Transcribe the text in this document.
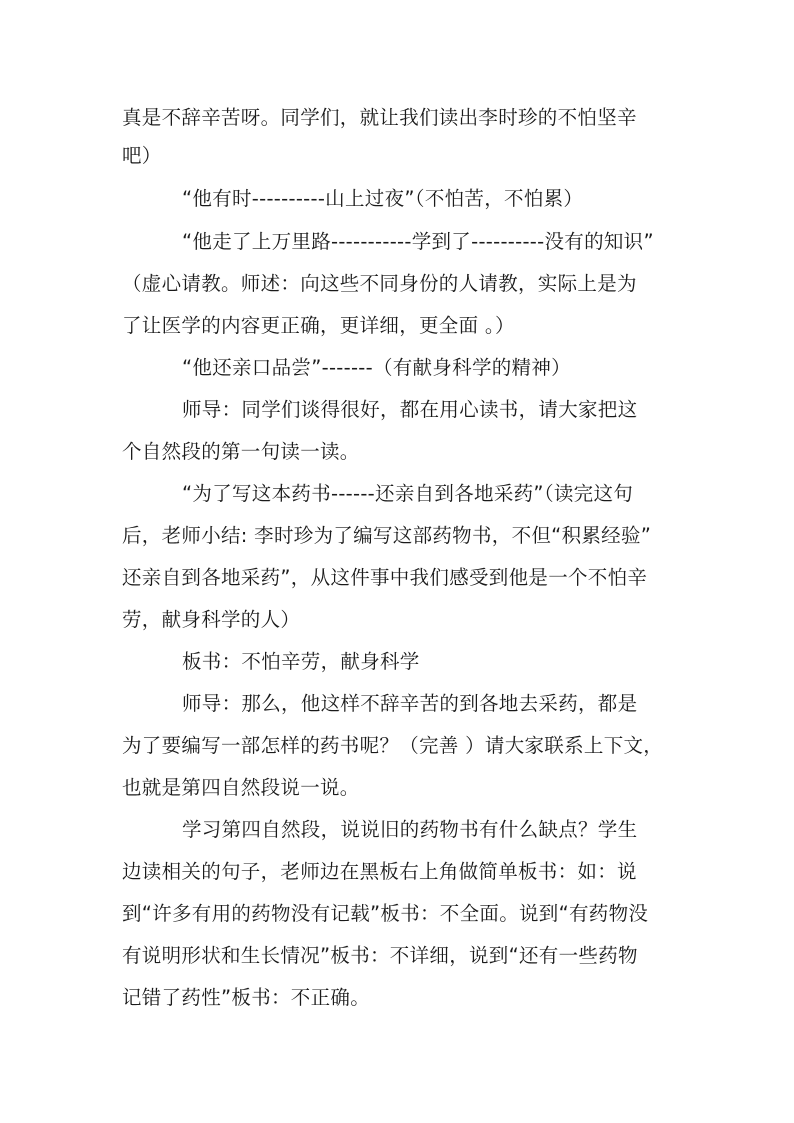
真是不辞辛苦呀。同学们，就让我们读出李时珍的不怕坚辛
吧）
“他有时----------山上过夜”（不怕苦，不怕累）
“他走了上万里路-----------学到了----------没有的知识”
（虚心请教。师述：向这些不同身份的人请教，实际上是为
了让医学的内容更正确，更详细，更全面 。）
“他还亲口品尝”-------（有献身科学的精神）
师导：同学们谈得很好，都在用心读书，请大家把这
个自然段的第一句读一读。
“为了写这本药书------还亲自到各地采药”（读完这句
后，老师小结: 李时珍为了编写这部药物书，不但“积累经验”
还亲自到各地采药”，从这件事中我们感受到他是一个不怕辛
劳，献身科学的人）
板书：不怕辛劳，献身科学
师导：那么，他这样不辞辛苦的到各地去采药，都是
为了要编写一部怎样的药书呢？（完善 ）请大家联系上下文，
也就是第四自然段说一说。
学习第四自然段，说说旧的药物书有什么缺点？学生
边读相关的句子，老师边在黑板右上角做简单板书：如：说
到“许多有用的药物没有记载”板书：不全面。说到“有药物没
有说明形状和生长情况”板书：不详细，说到“还有一些药物
记错了药性”板书：不正确。
